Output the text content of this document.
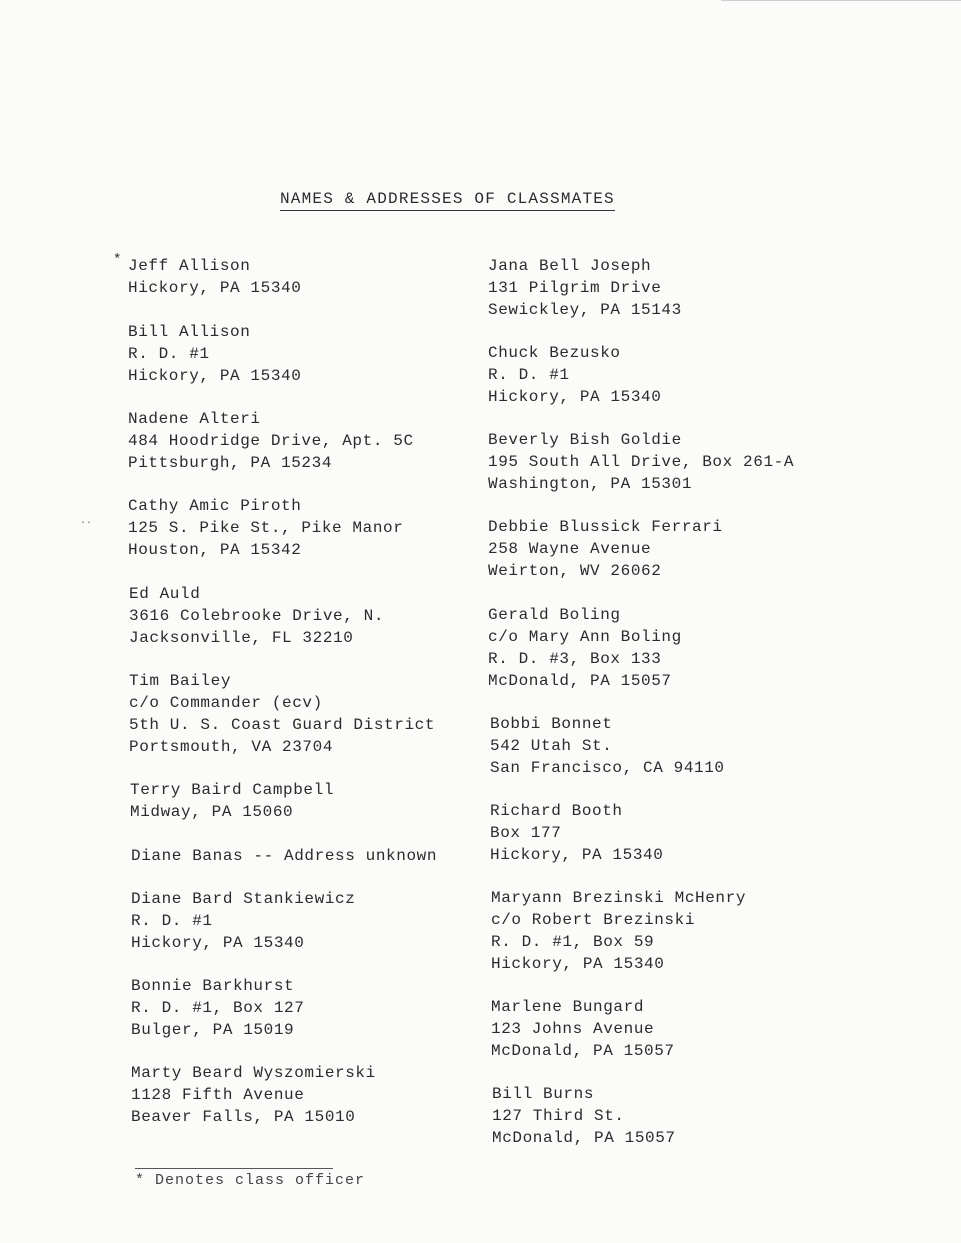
NAMES & ADDRESSES OF CLASSMATES
..
* Jeff Allison
Hickory, PA 15340
Bill Allison
R. D. #1
Hickory, PA 15340
Nadene Alteri
484 Hoodridge Drive, Apt. 5C
Pittsburgh, PA 15234
Cathy Amic Piroth
125 S. Pike St., Pike Manor
Houston, PA 15342
Ed Auld
3616 Colebrooke Drive, N.
Jacksonville, FL 32210
Tim Bailey
c/o Commander (ecv)
5th U. S. Coast Guard District
Portsmouth, VA 23704
Terry Baird Campbell
Midway, PA 15060
Diane Banas -- Address unknown
Diane Bard Stankiewicz
R. D. #1
Hickory, PA 15340
Bonnie Barkhurst
R. D. #1, Box 127
Bulger, PA 15019
Marty Beard Wyszomierski
1128 Fifth Avenue
Beaver Falls, PA 15010
Jana Bell Joseph
131 Pilgrim Drive
Sewickley, PA 15143
Chuck Bezusko
R. D. #1
Hickory, PA 15340
Beverly Bish Goldie
195 South All Drive, Box 261-A
Washington, PA 15301
Debbie Blussick Ferrari
258 Wayne Avenue
Weirton, WV 26062
Gerald Boling
c/o Mary Ann Boling
R. D. #3, Box 133
McDonald, PA 15057
Bobbi Bonnet
542 Utah St.
San Francisco, CA 94110
Richard Booth
Box 177
Hickory, PA 15340
Maryann Brezinski McHenry
c/o Robert Brezinski
R. D. #1, Box 59
Hickory, PA 15340
Marlene Bungard
123 Johns Avenue
McDonald, PA 15057
Bill Burns
127 Third St.
McDonald, PA 15057
* Denotes class officer
